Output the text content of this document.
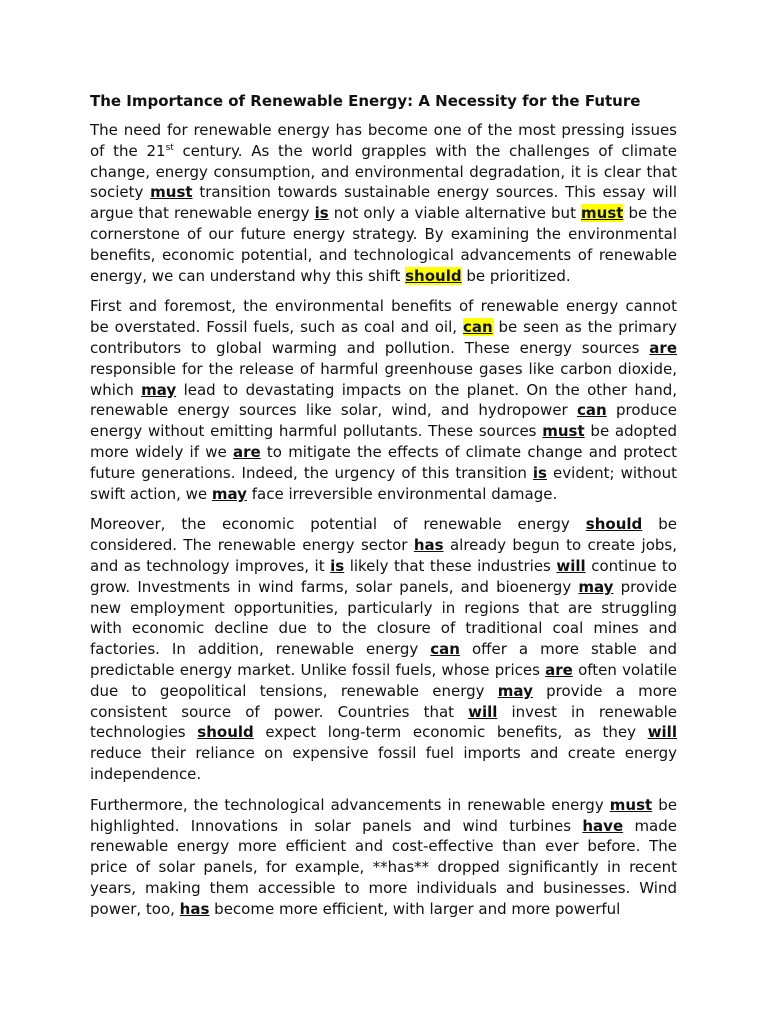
The Importance of Renewable Energy: A Necessity for the Future

The need for renewable energy has become one of the most pressing issues of the 21st century. As the world grapples with the challenges of climate change, energy consumption, and environmental degradation, it is clear that society must transition towards sustainable energy sources. This essay will argue that renewable energy is not only a viable alternative but must be the cornerstone of our future energy strategy. By examining the environmental benefits, economic potential, and technological advancements of renewable energy, we can understand why this shift should be prioritized.

First and foremost, the environmental benefits of renewable energy cannot be overstated. Fossil fuels, such as coal and oil, can be seen as the primary contributors to global warming and pollution. These energy sources are responsible for the release of harmful greenhouse gases like carbon dioxide, which may lead to devastating impacts on the planet. On the other hand, renewable energy sources like solar, wind, and hydropower can produce energy without emitting harmful pollutants. These sources must be adopted more widely if we are to mitigate the effects of climate change and protect future generations. Indeed, the urgency of this transition is evident; without swift action, we may face irreversible environmental damage.

Moreover, the economic potential of renewable energy should be considered. The renewable energy sector has already begun to create jobs, and as technology improves, it is likely that these industries will continue to grow. Investments in wind farms, solar panels, and bioenergy may provide new employment opportunities, particularly in regions that are struggling with economic decline due to the closure of traditional coal mines and factories. In addition, renewable energy can offer a more stable and predictable energy market. Unlike fossil fuels, whose prices are often volatile due to geopolitical tensions, renewable energy may provide a more consistent source of power. Countries that will invest in renewable technologies should expect long-term economic benefits, as they will reduce their reliance on expensive fossil fuel imports and create energy independence.

Furthermore, the technological advancements in renewable energy must be highlighted. Innovations in solar panels and wind turbines have made renewable energy more efficient and cost-effective than ever before. The price of solar panels, for example, **has** dropped significantly in recent years, making them accessible to more individuals and businesses. Wind power, too, has become more efficient, with larger and more powerful
